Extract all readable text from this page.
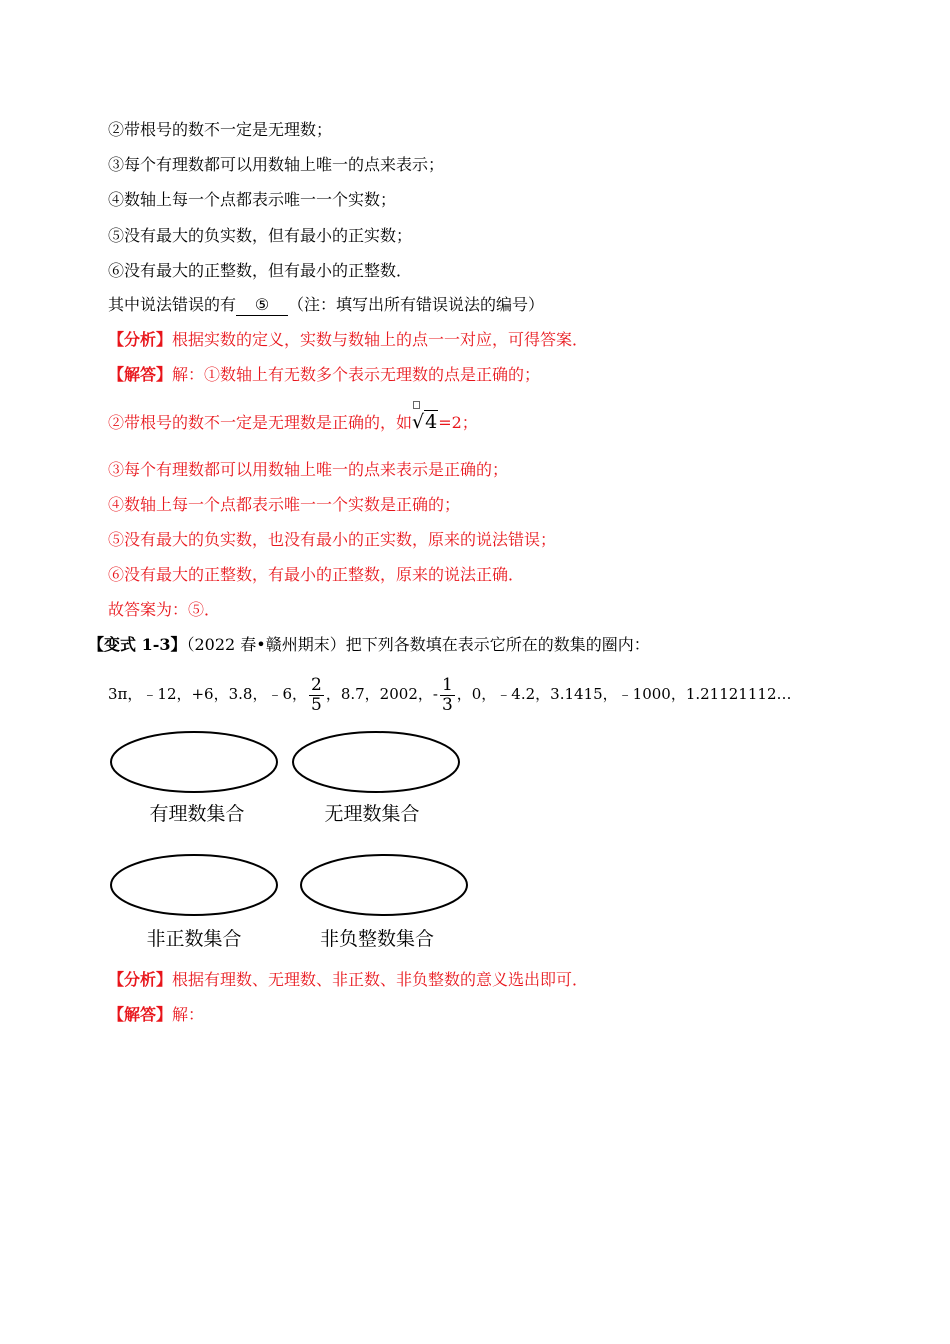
②带根号的数不一定是无理数；
③每个有理数都可以用数轴上唯一的点来表示；
④数轴上每一个点都表示唯一一个实数；
⑤没有最大的负实数，但有最小的正实数；
⑥没有最大的正整数，但有最小的正整数．
其中说法错误的有 ⑤ （注：填写出所有错误说法的编号）
【分析】根据实数的定义，实数与数轴上的点一一对应，可得答案．
【解答】解：①数轴上有无数多个表示无理数的点是正确的；
②带根号的数不一定是无理数是正确的，如
√4=2；
③每个有理数都可以用数轴上唯一的点来表示是正确的；
④数轴上每一个点都表示唯一一个实数是正确的；
⑤没有最大的负实数，也没有最小的正实数，原来的说法错误；
⑥没有最大的正整数，有最小的正整数，原来的说法正确．
故答案为：⑤．
【变式 1-3】（2022 春•赣州期末）把下列各数填在表示它所在的数集的圈内：
3π，﹣12，+6，3.8，﹣6， $\frac{2}{5}$ ，8.7，2002，- $\frac{1}{3}$ ，0，﹣4.2，3.1415，﹣1000，1.21121112…
有理数集合	无理数集合
非正数集合	非负整数集合
【分析】根据有理数、无理数、非正数、非负整数的意义选出即可．
【解答】解：
